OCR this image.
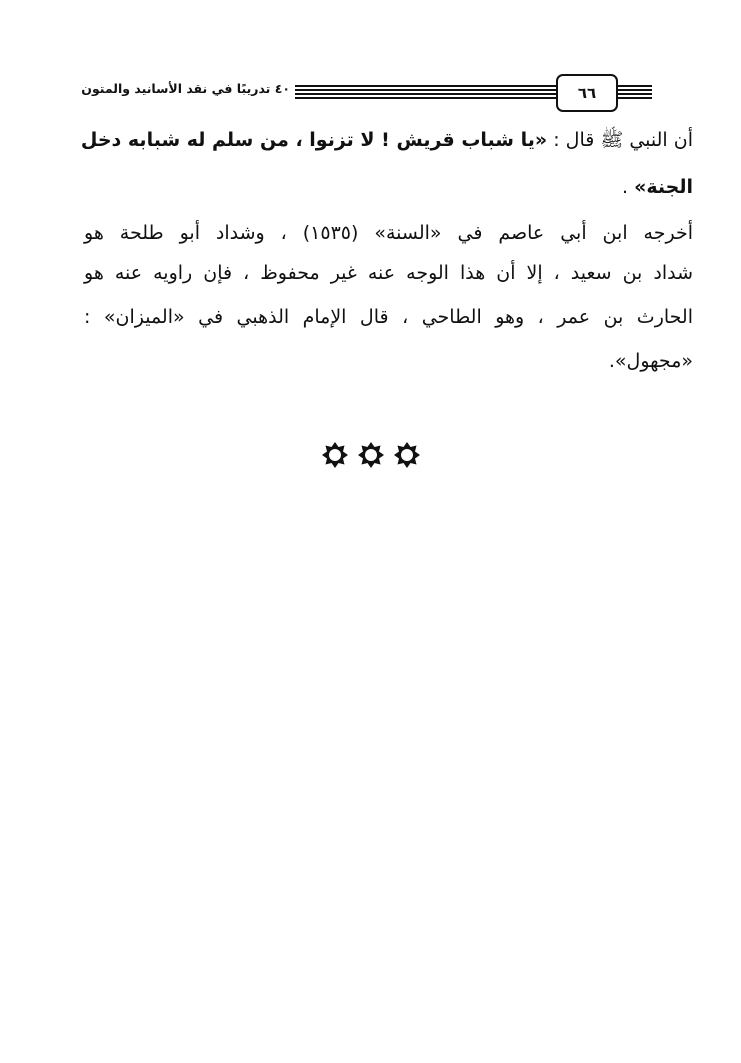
٤٠ تدريبًا في نقد الأسانيد والمتون	٦٦
أن النبي ﷺ قال : «يا شباب قريش ! لا تزنوا ، من سلم له شبابه دخل
الجنة» .
أخرجه ابن أبي عاصم في «السنة» (١٥٣٥) ، وشداد أبو طلحة هو
شداد بن سعيد ، إلا أن هذا الوجه عنه غير محفوظ ، فإن راويه عنه هو
الحارث بن عمر ، وهو الطاحي ، قال الإمام الذهبي في «الميزان» :
«مجهول».
